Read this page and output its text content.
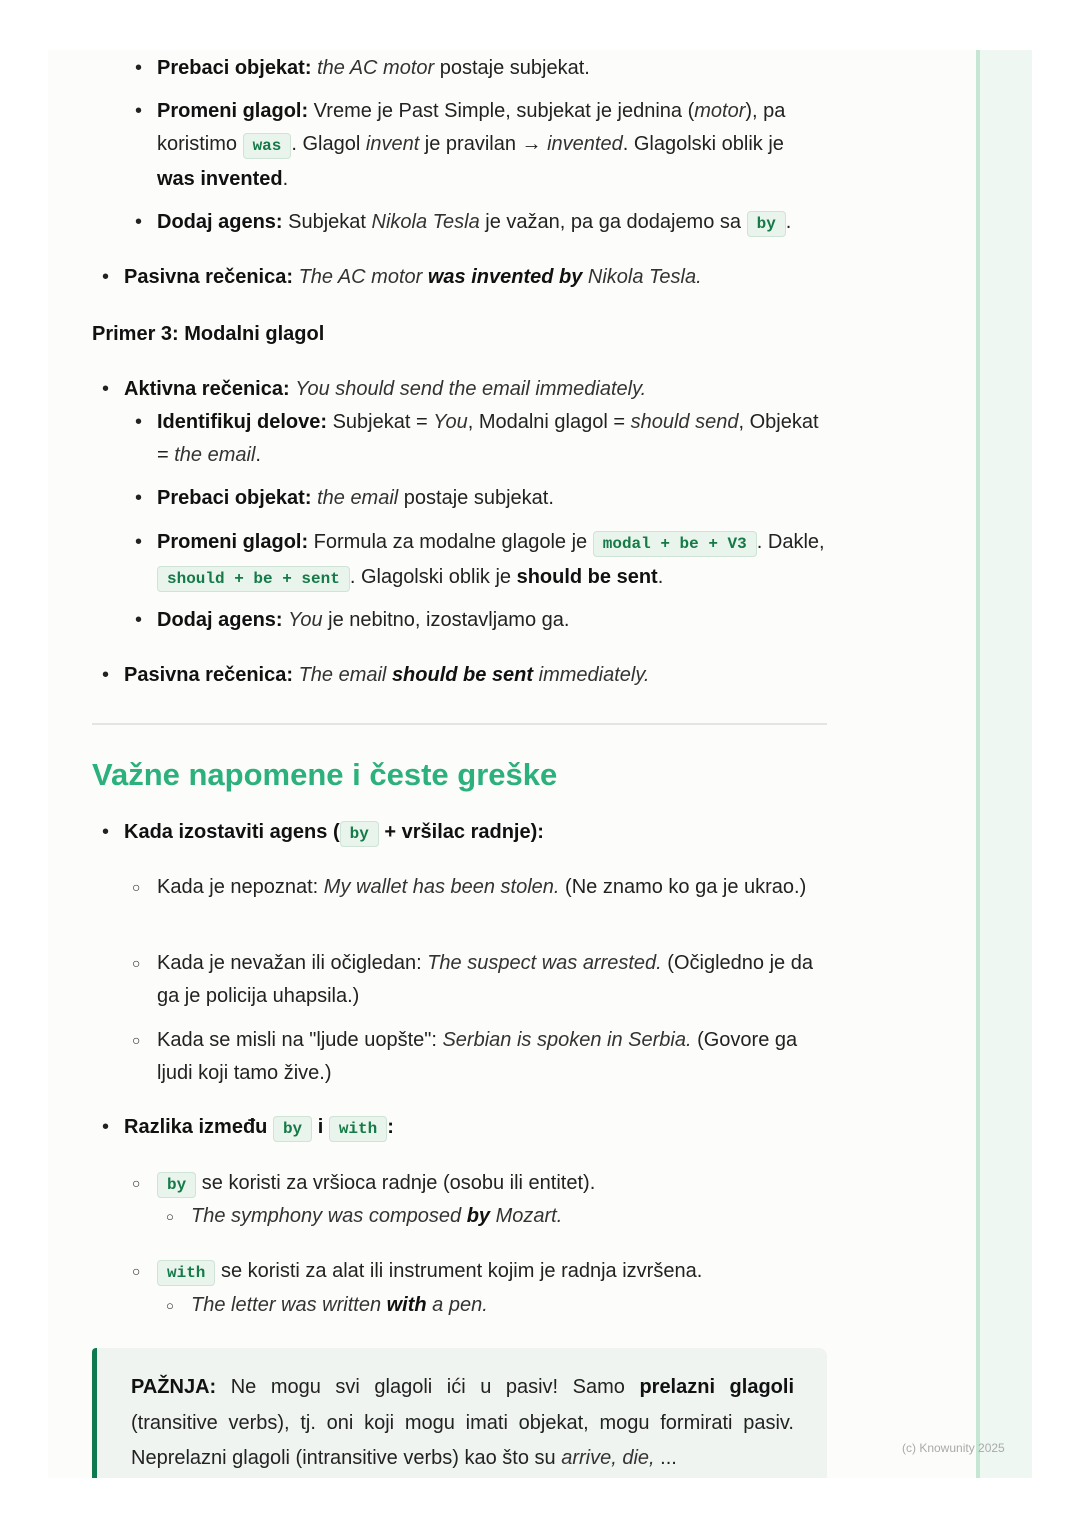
• Prebaci objekat: the AC motor postaje subjekat.
• Promeni glagol: Vreme je Past Simple, subjekat je jednina (motor), pa koristimo was . Glagol invent je pravilan → invented. Glagolski oblik je was invented.
• Dodaj agens: Subjekat Nikola Tesla je važan, pa ga dodajemo sa by .
• Pasivna rečenica: The AC motor was invented by Nikola Tesla.
Primer 3: Modalni glagol
• Aktivna rečenica: You should send the email immediately.
• Identifikuj delove: Subjekat = You, Modalni glagol = should send, Objekat = the email.
• Prebaci objekat: the email postaje subjekat.
• Promeni glagol: Formula za modalne glagole je modal + be + V3 . Dakle, should + be + sent . Glagolski oblik je should be sent.
• Dodaj agens: You je nebitno, izostavljamo ga.
• Pasivna rečenica: The email should be sent immediately.
• Kada izostaviti agens ( by + vršilac radnje):
○ Kada je nepoznat: My wallet has been stolen. (Ne znamo ko ga je ukrao.)
○ Kada je nevažan ili očigledan: The suspect was arrested. (Očigledno je da ga je policija uhapsila.)
○ Kada se misli na "ljude uopšte": Serbian is spoken in Serbia. (Govore ga ljudi koji tamo žive.)
• Razlika između by i with :
○ by se koristi za vršioca radnje (osobu ili entitet).
○ The symphony was composed by Mozart.
○ with se koristi za alat ili instrument kojim je radnja izvršena.
○ The letter was written with a pen.
Važne napomene i česte greške
PAŽNJA: Ne mogu svi glagoli ići u pasiv! Samo prelazni glagoli (transitive verbs), tj. oni koji mogu imati objekat, mogu formirati pasiv. Neprelazni glagoli (intransitive verbs) kao što su arrive, die, ...	(c) Knowunity 2025
